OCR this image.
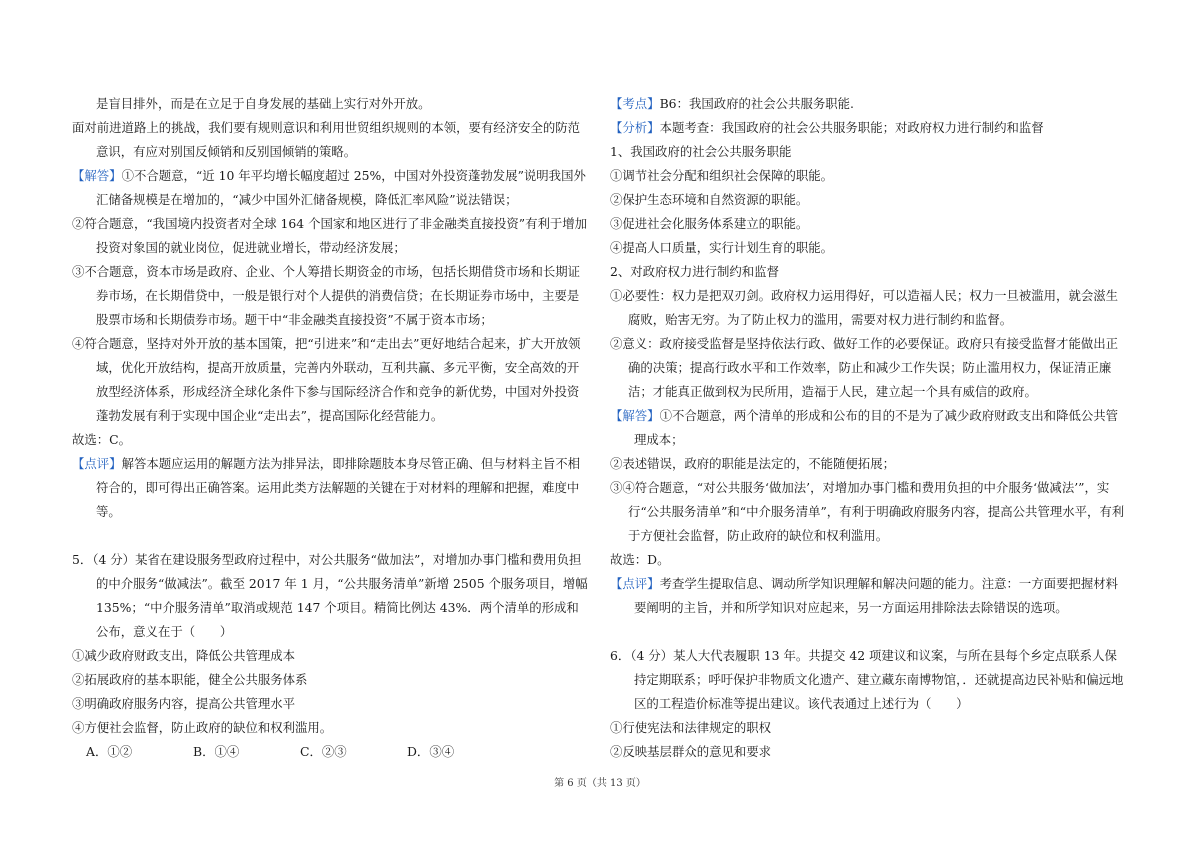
是盲目排外，而是在立足于自身发展的基础上实行对外开放。

面对前进道路上的挑战，我们要有规则意识和利用世贸组织规则的本领，要有经济安全的防范意识，有应对别国反倾销和反别国倾销的策略。

【解答】①不合题意，“近 10 年平均增长幅度超过 25%，中国对外投资蓬勃发展”说明我国外汇储备规模是在增加的，“减少中国外汇储备规模，降低汇率风险”说法错误；

②符合题意，“我国境内投资者对全球 164 个国家和地区进行了非金融类直接投资”有利于增加投资对象国的就业岗位，促进就业增长，带动经济发展；

③不合题意，资本市场是政府、企业、个人筹措长期资金的市场，包括长期借贷市场和长期证券市场，在长期借贷中，一般是银行对个人提供的消费信贷；在长期证券市场中，主要是股票市场和长期债券市场。题干中“非金融类直接投资”不属于资本市场；

④符合题意，坚持对外开放的基本国策，把“引进来”和“走出去”更好地结合起来，扩大开放领域，优化开放结构，提高开放质量，完善内外联动，互利共赢、多元平衡，安全高效的开放型经济体系，形成经济全球化条件下参与国际经济合作和竞争的新优势，中国对外投资蓬勃发展有利于实现中国企业“走出去”，提高国际化经营能力。

故选：C。

【点评】解答本题应运用的解题方法为排异法，即排除题肢本身尽管正确、但与材料主旨不相符合的，即可得出正确答案。运用此类方法解题的关键在于对材料的理解和把握，难度中等。

5．（4 分）某省在建设服务型政府过程中，对公共服务“做加法”，对增加办事门槛和费用负担的中介服务“做减法”。截至 2017 年 1 月，“公共服务清单”新增 2505 个服务项目，增幅 135%；“中介服务清单”取消或规范 147 个项目。精简比例达 43%．两个清单的形成和公布，意义在于（　　）

①减少政府财政支出，降低公共管理成本

②拓展政府的基本职能，健全公共服务体系

③明确政府服务内容，提高公共管理水平

④方便社会监督，防止政府的缺位和权利滥用。

A．①②	B．①④	C．②③	D．③④

【考点】B6：我国政府的社会公共服务职能.

【分析】本题考查：我国政府的社会公共服务职能；对政府权力进行制约和监督

1、我国政府的社会公共服务职能

①调节社会分配和组织社会保障的职能。

②保护生态环境和自然资源的职能。

③促进社会化服务体系建立的职能。

④提高人口质量，实行计划生育的职能。

2、对政府权力进行制约和监督

①必要性：权力是把双刃剑。政府权力运用得好，可以造福人民；权力一旦被滥用，就会滋生腐败，贻害无穷。为了防止权力的滥用，需要对权力进行制约和监督。

②意义：政府接受监督是坚持依法行政、做好工作的必要保证。政府只有接受监督才能做出正确的决策；提高行政水平和工作效率，防止和减少工作失误；防止滥用权力，保证清正廉洁；才能真正做到权为民所用，造福于人民，建立起一个具有威信的政府。

【解答】①不合题意，两个清单的形成和公布的目的不是为了减少政府财政支出和降低公共管理成本；

②表述错误，政府的职能是法定的，不能随便拓展；

③④符合题意，“对公共服务‘做加法’，对增加办事门槛和费用负担的中介服务‘做减法’”，实行“公共服务清单”和“中介服务清单”，有利于明确政府服务内容，提高公共管理水平，有利于方便社会监督，防止政府的缺位和权利滥用。

故选：D。

【点评】考查学生提取信息、调动所学知识理解和解决问题的能力。注意：一方面要把握材料要阐明的主旨，并和所学知识对应起来，另一方面运用排除法去除错误的选项。

6．（4 分）某人大代表履职 13 年。共提交 42 项建议和议案，与所在县每个乡定点联系人保持定期联系；呼吁保护非物质文化遗产、建立藏东南博物馆，．还就提高边民补贴和偏远地区的工程造价标准等提出建议。该代表通过上述行为（　　）

①行使宪法和法律规定的职权

②反映基层群众的意见和要求

第 6 页（共 13 页）
